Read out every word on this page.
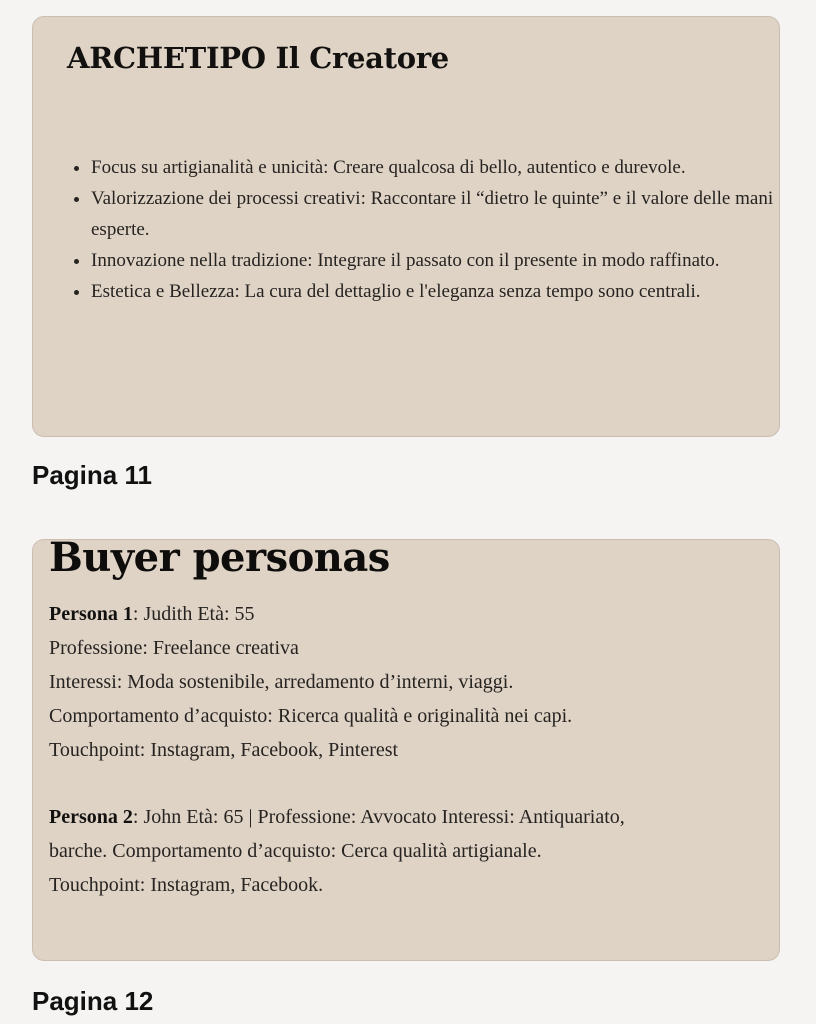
ARCHETIPO Il Creatore
• Focus su artigianalità e unicità: Creare qualcosa di bello, autentico e durevole.
• Valorizzazione dei processi creativi: Raccontare il “dietro le quinte” e il valore delle mani esperte.
• Innovazione nella tradizione: Integrare il passato con il presente in modo raffinato.
• Estetica e Bellezza: La cura del dettaglio e l'eleganza senza tempo sono centrali.
Pagina 11
Buyer personas
Persona 1: Judith Età: 55
Professione: Freelance creativa
Interessi: Moda sostenibile, arredamento d’interni, viaggi.
Comportamento d’acquisto: Ricerca qualità e originalità nei capi.
Touchpoint: Instagram, Facebook, Pinterest
Persona 2: John Età: 65 | Professione: Avvocato Interessi: Antiquariato,
barche. Comportamento d’acquisto: Cerca qualità artigianale.
Touchpoint: Instagram, Facebook.
Pagina 12
